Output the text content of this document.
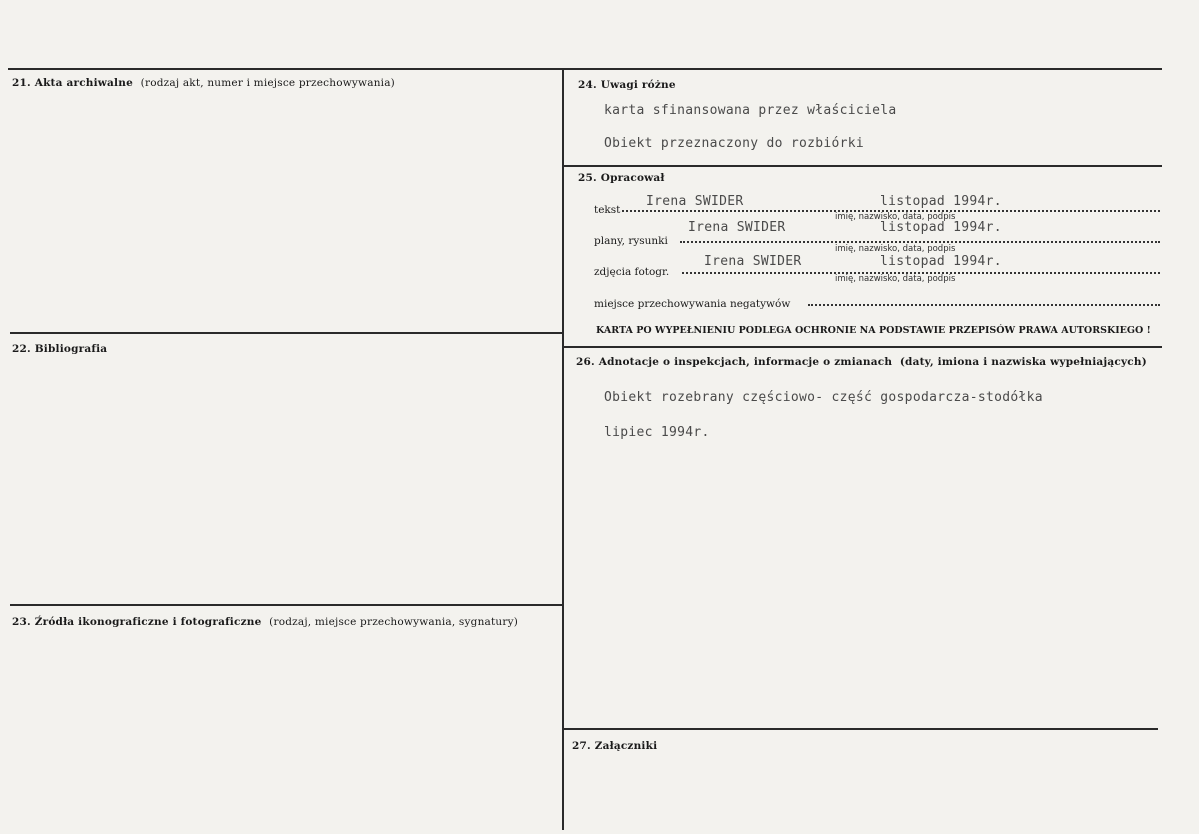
21. Akta archiwalne (rodzaj akt, numer i miejsce przechowywania)
22. Bibliografia
23. Źródła ikonograficzne i fotograficzne (rodzaj, miejsce przechowywania, sygnatury)
24. Uwagi różne
karta sfinansowana przez właściciela
Obiekt przeznaczony do rozbiórki
25. Opracował
tekst
Irena SWIDER	listopad 1994r.
imię, nazwisko, data, podpis
plany, rysunki
Irena SWIDER	listopad 1994r.
imię, nazwisko, data, podpis
zdjęcia fotogr.
Irena SWIDER	listopad 1994r.
imię, nazwisko, data, podpis
miejsce przechowywania negatywów
KARTA PO WYPEŁNIENIU PODLEGA OCHRONIE NA PODSTAWIE PRZEPISÓW PRAWA AUTORSKIEGO !
26. Adnotacje o inspekcjach, informacje o zmianach (daty, imiona i nazwiska wypełniających)
Obiekt rozebrany częściowo- część gospodarcza-stodółka
lipiec 1994r.
27. Załączniki
